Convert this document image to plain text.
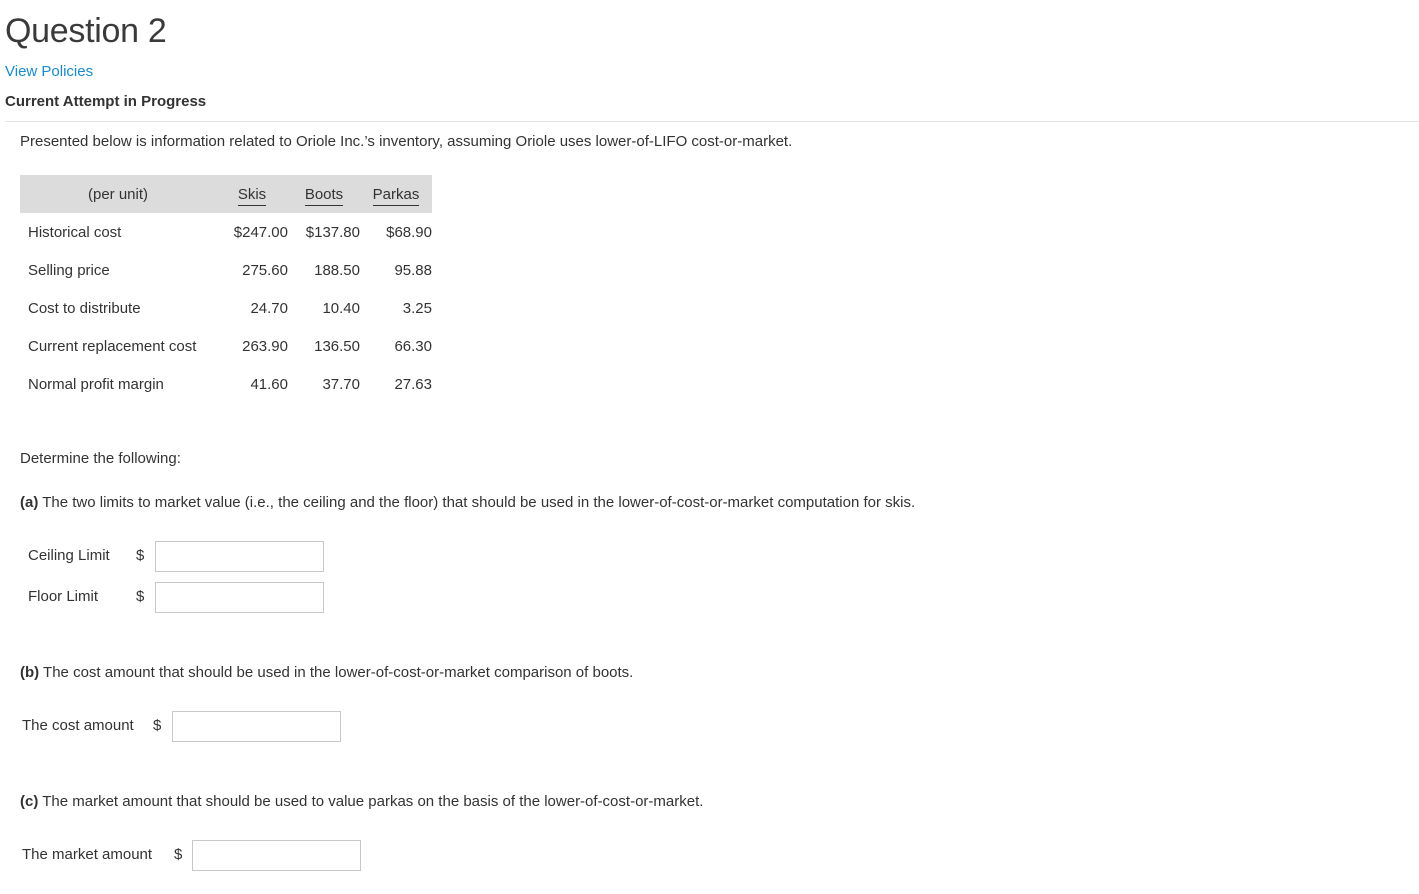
Question 2
View Policies
Current Attempt in Progress
Presented below is information related to Oriole Inc.’s inventory, assuming Oriole uses lower-of-LIFO cost-or-market.
(per unit)	Skis	Boots	Parkas
Historical cost	$247.00	$137.80	$68.90
Selling price	275.60	188.50	95.88
Cost to distribute	24.70	10.40	3.25
Current replacement cost	263.90	136.50	66.30
Normal profit margin	41.60	37.70	27.63
Determine the following:
(a) The two limits to market value (i.e., the ceiling and the floor) that should be used in the lower-of-cost-or-market computation for skis.
Ceiling Limit $
Floor Limit	$
(b) The cost amount that should be used in the lower-of-cost-or-market comparison of boots.
The cost amount $
(c) The market amount that should be used to value parkas on the basis of the lower-of-cost-or-market.
The market amount $
